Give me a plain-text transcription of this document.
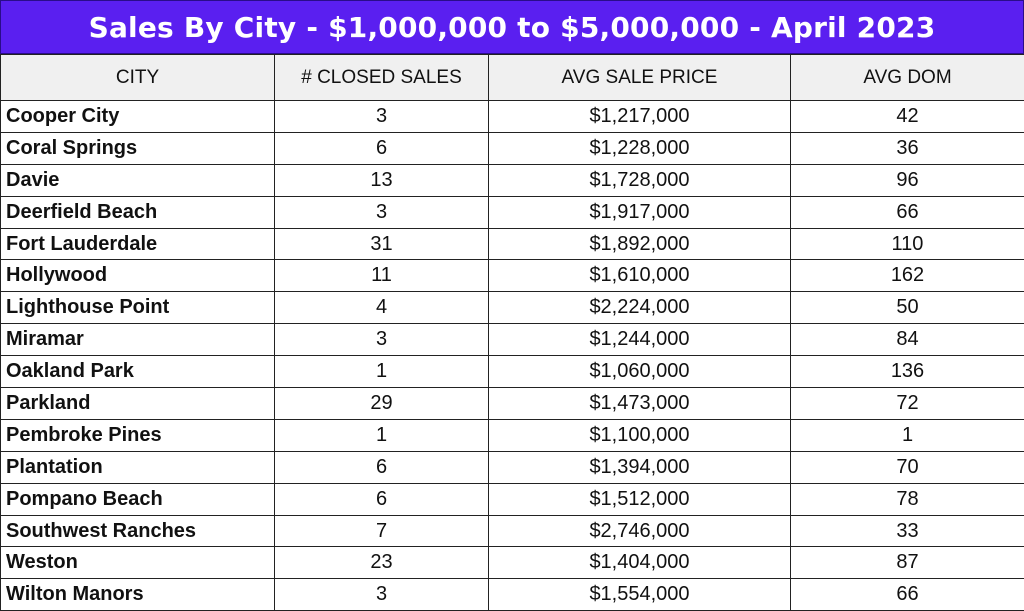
Sales By City - $1,000,000 to $5,000,000 - April 2023
CITY	# CLOSED SALES	AVG SALE PRICE	AVG DOM
Cooper City	3	$1,217,000	42
Coral Springs	6	$1,228,000	36
Davie	13	$1,728,000	96
Deerfield Beach	3	$1,917,000	66
Fort Lauderdale	31	$1,892,000	110
Hollywood	11	$1,610,000	162
Lighthouse Point	4	$2,224,000	50
Miramar	3	$1,244,000	84
Oakland Park	1	$1,060,000	136
Parkland	29	$1,473,000	72
Pembroke Pines	1	$1,100,000	1
Plantation	6	$1,394,000	70
Pompano Beach	6	$1,512,000	78
Southwest Ranches	7	$2,746,000	33
Weston	23	$1,404,000	87
Wilton Manors	3	$1,554,000	66
